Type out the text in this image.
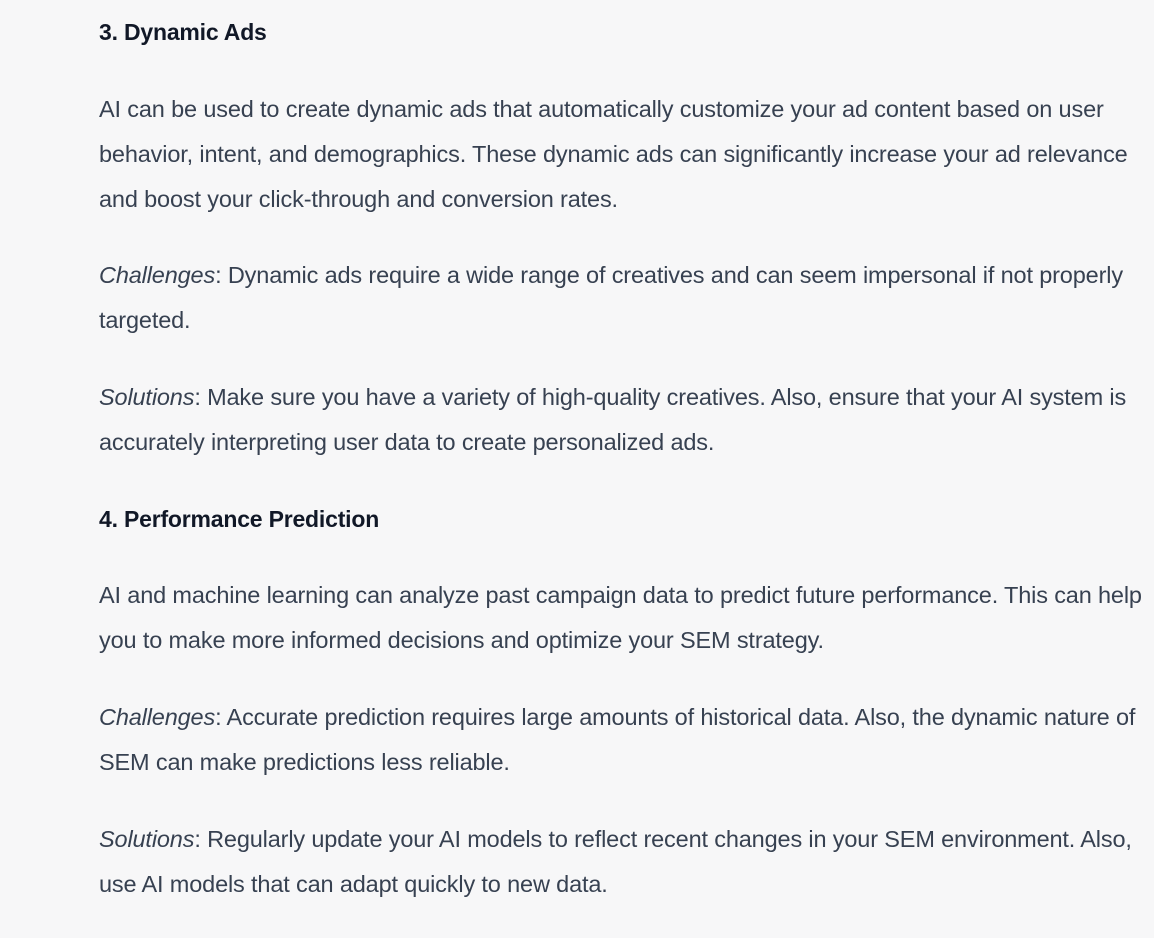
3. Dynamic Ads

AI can be used to create dynamic ads that automatically customize your ad content based on user behavior, intent, and demographics. These dynamic ads can significantly increase your ad relevance and boost your click-through and conversion rates.

Challenges: Dynamic ads require a wide range of creatives and can seem impersonal if not properly targeted.

Solutions: Make sure you have a variety of high-quality creatives. Also, ensure that your AI system is accurately interpreting user data to create personalized ads.

4. Performance Prediction

AI and machine learning can analyze past campaign data to predict future performance. This can help you to make more informed decisions and optimize your SEM strategy.

Challenges: Accurate prediction requires large amounts of historical data. Also, the dynamic nature of SEM can make predictions less reliable.

Solutions: Regularly update your AI models to reflect recent changes in your SEM environment. Also, use AI models that can adapt quickly to new data.
